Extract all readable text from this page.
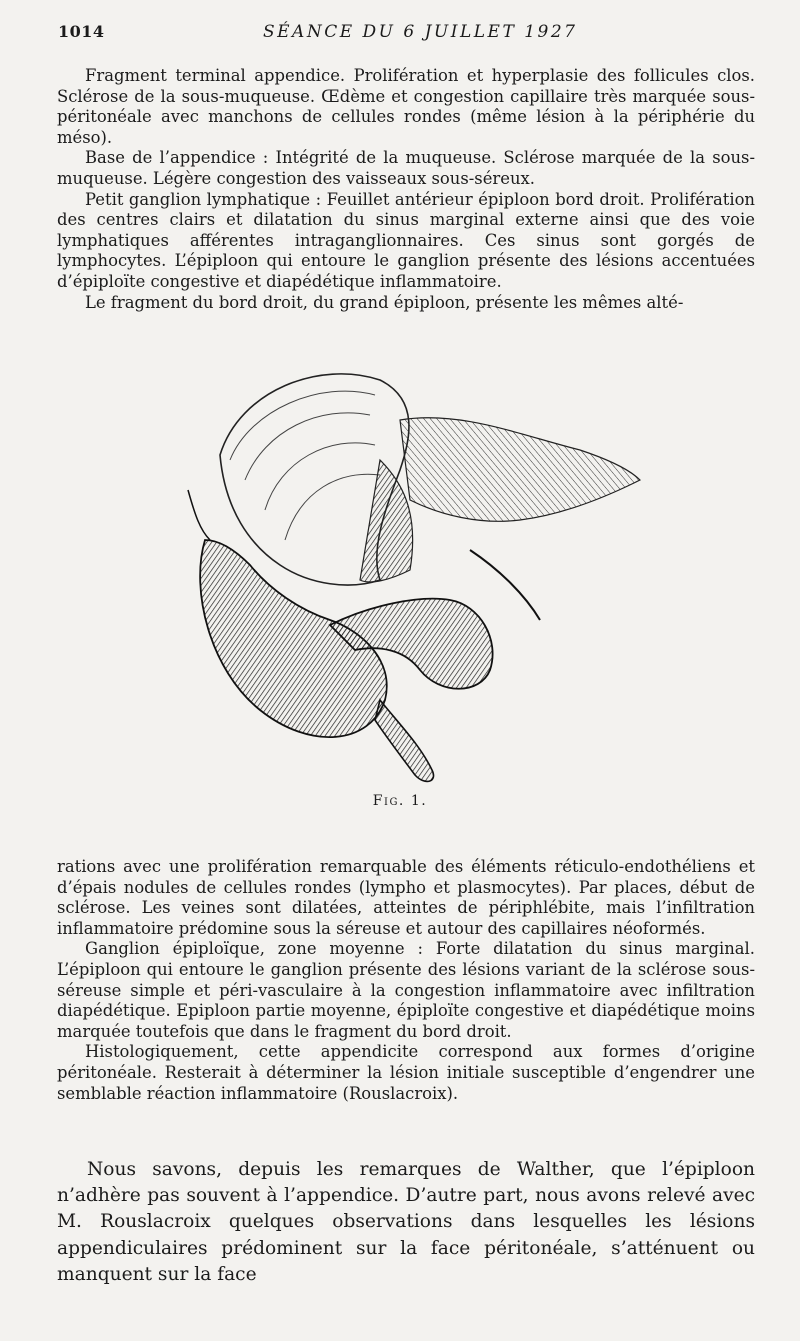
1014	SÉANCE DU 6 JUILLET 1927

Fragment terminal appendice. Prolifération et hyperplasie des follicules clos. Sclérose de la sous-muqueuse. Œdème et congestion capillaire très marquée sous-péritonéale avec manchons de cellules rondes (même lésion à la périphérie du méso).

Base de l’appendice : Intégrité de la muqueuse. Sclérose marquée de la sous-muqueuse. Légère congestion des vaisseaux sous-séreux.

Petit ganglion lymphatique : Feuillet antérieur épiploon bord droit. Prolifération des centres clairs et dilatation du sinus marginal externe ainsi que des voie lymphatiques afférentes intraganglionnaires. Ces sinus sont gorgés de lymphocytes. L’épiploon qui entoure le ganglion présente des lésions accentuées d’épiploïte congestive et diapédétique inflammatoire.

Le fragment du bord droit, du grand épiploon, présente les mêmes alté-

Fig. 1.

rations avec une prolifération remarquable des éléments réticulo-endothéliens et d’épais nodules de cellules rondes (lympho et plasmocytes). Par places, début de sclérose. Les veines sont dilatées, atteintes de périphlébite, mais l’infiltration inflammatoire prédomine sous la séreuse et autour des capillaires néoformés.

Ganglion épiploïque, zone moyenne : Forte dilatation du sinus marginal. L’épiploon qui entoure le ganglion présente des lésions variant de la sclérose sous-séreuse simple et péri-vasculaire à la congestion inflammatoire avec infiltration diapédétique. Epiploon partie moyenne, épiploïte congestive et diapédétique moins marquée toutefois que dans le fragment du bord droit.

Histologiquement, cette appendicite correspond aux formes d’origine péritonéale. Resterait à déterminer la lésion initiale susceptible d’engendrer une semblable réaction inflammatoire (Rouslacroix).

Nous savons, depuis les remarques de Walther, que l’épiploon n’adhère pas souvent à l’appendice. D’autre part, nous avons relevé avec M. Rouslacroix quelques observations dans lesquelles les lésions appendiculaires prédominent sur la face péritonéale, s’atténuent ou manquent sur la face
